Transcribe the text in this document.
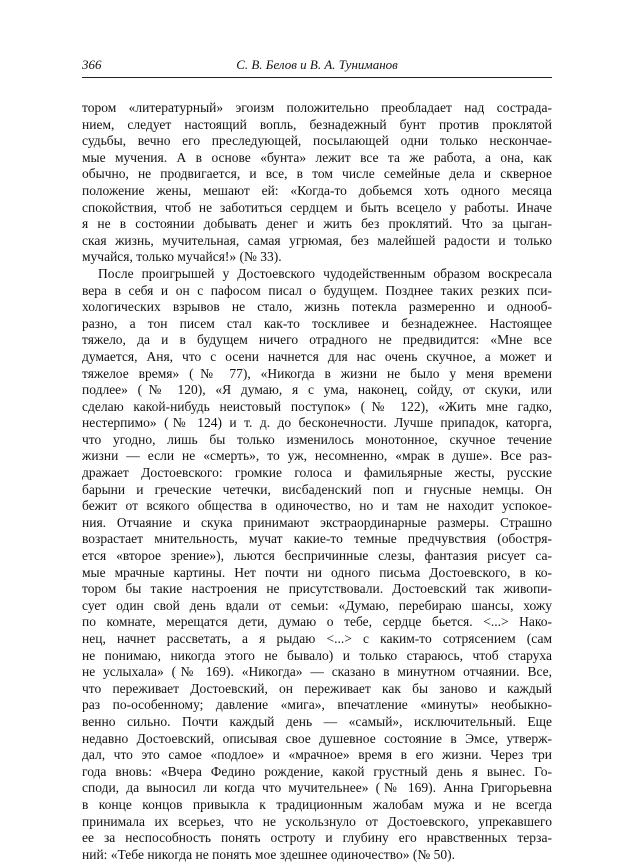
366	С. В. Белов и В. А. Туниманов
тором «литературный» эгоизм положительно преобладает над сострада-
нием, следует настоящий вопль, безнадежный бунт против проклятой
судьбы, вечно его преследующей, посылающей одни только нескончае-
мые мучения. А в основе «бунта» лежит все та же работа, а она, как
обычно, не продвигается, и все, в том числе семейные дела и скверное
положение жены, мешают ей: «Когда-то добьемся хоть одного месяца
спокойствия, чтоб не заботиться сердцем и быть всецело у работы. Иначе
я не в состоянии добывать денег и жить без проклятий. Что за цыган-
ская жизнь, мучительная, самая угрюмая, без малейшей радости и только
мучайся, только мучайся!» (№ 33).
После проигрышей у Достоевского чудодейственным образом воскресала
вера в себя и он с пафосом писал о будущем. Позднее таких резких пси-
хологических взрывов не стало, жизнь потекла размеренно и однооб-
разно, а тон писем стал как-то тоскливее и безнадежнее. Настоящее
тяжело, да и в будущем ничего отрадного не предвидится: «Мне все
думается, Аня, что с осени начнется для нас очень скучное, а может и
тяжелое время» (№ 77), «Никогда в жизни не было у меня времени
подлее» (№ 120), «Я думаю, я с ума, наконец, сойду, от скуки, или
сделаю какой-нибудь неистовый поступок» (№ 122), «Жить мне гадко,
нестерпимо» (№ 124) и т. д. до бесконечности. Лучше припадок, каторга,
что угодно, лишь бы только изменилось монотонное, скучное течение
жизни — если не «смерть», то уж, несомненно, «мрак в душе». Все раз-
дражает Достоевского: громкие голоса и фамильярные жесты, русские
барыни и греческие четечки, висбаденский поп и гнусные немцы. Он
бежит от всякого общества в одиночество, но и там не находит успокое-
ния. Отчаяние и скука принимают экстраординарные размеры. Страшно
возрастает мнительность, мучат какие-то темные предчувствия (обостря-
ется «второе зрение»), льются беспричинные слезы, фантазия рисует са-
мые мрачные картины. Нет почти ни одного письма Достоевского, в ко-
тором бы такие настроения не присутствовали. Достоевский так живопи-
сует один свой день вдали от семьи: «Думаю, перебираю шансы, хожу
по комнате, мерещатся дети, думаю о тебе, сердце бьется. <...> Нако-
нец, начнет рассветать, а я рыдаю <...> с каким-то сотрясением (сам
не понимаю, никогда этого не бывало) и только стараюсь, чтоб старуха
не услыхала» (№ 169). «Никогда» — сказано в минутном отчаянии. Все,
что переживает Достоевский, он переживает как бы заново и каждый
раз по-особенному; давление «мига», впечатление «минуты» необыкно-
венно сильно. Почти каждый день — «самый», исключительный. Еще
недавно Достоевский, описывая свое душевное состояние в Эмсе, утверж-
дал, что это самое «подлое» и «мрачное» время в его жизни. Через три
года вновь: «Вчера Федино рождение, какой грустный день я вынес. Го-
споди, да выносил ли когда что мучительнее» (№ 169). Анна Григорьевна
в конце концов привыкла к традиционным жалобам мужа и не всегда
принимала их всерьез, что не ускользнуло от Достоевского, упрекавшего
ее за неспособность понять остроту и глубину его нравственных терза-
ний: «Тебе никогда не понять мое здешнее одиночество» (№ 50).
